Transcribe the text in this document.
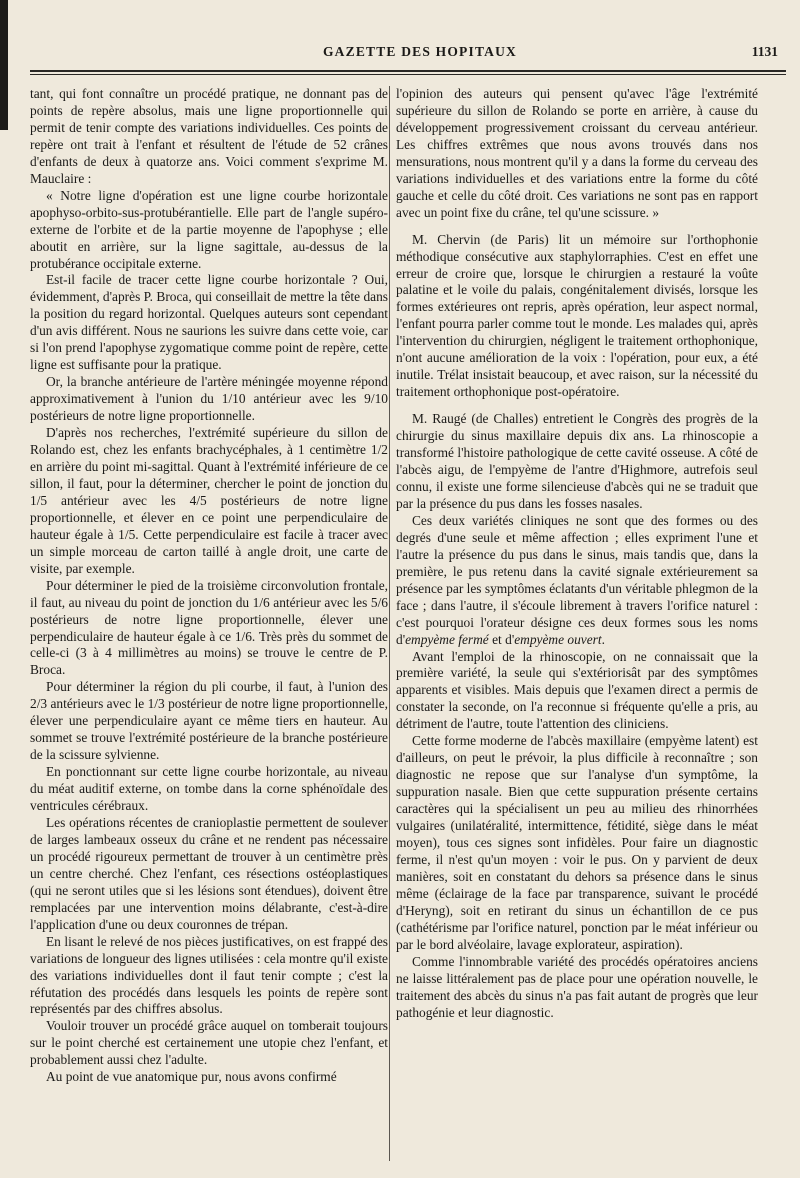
GAZETTE DES HOPITAUX	1131

tant, qui font connaître un procédé pratique, ne donnant pas de points de repère absolus, mais une ligne proportionnelle qui permit de tenir compte des variations individuelles. Ces points de repère ont trait à l'enfant et résultent de l'étude de 52 crânes d'enfants de deux à quatorze ans. Voici comment s'exprime M. Mauclaire :

« Notre ligne d'opération est une ligne courbe horizontale apophyso-orbito-sus-protubérantielle. Elle part de l'angle supéro-externe de l'orbite et de la partie moyenne de l'apophyse ; elle aboutit en arrière, sur la ligne sagittale, au-dessus de la protubérance occipitale externe.

Est-il facile de tracer cette ligne courbe horizontale ? Oui, évidemment, d'après P. Broca, qui conseillait de mettre la tête dans la position du regard horizontal. Quelques auteurs sont cependant d'un avis différent. Nous ne saurions les suivre dans cette voie, car si l'on prend l'apophyse zygomatique comme point de repère, cette ligne est suffisante pour la pratique.

Or, la branche antérieure de l'artère méningée moyenne répond approximativement à l'union du 1/10 antérieur avec les 9/10 postérieurs de notre ligne proportionnelle.

D'après nos recherches, l'extrémité supérieure du sillon de Rolando est, chez les enfants brachycéphales, à 1 centimètre 1/2 en arrière du point mi-sagittal. Quant à l'extrémité inférieure de ce sillon, il faut, pour la déterminer, chercher le point de jonction du 1/5 antérieur avec les 4/5 postérieurs de notre ligne proportionnelle, et élever en ce point une perpendiculaire de hauteur égale à 1/5. Cette perpendiculaire est facile à tracer avec un simple morceau de carton taillé à angle droit, une carte de visite, par exemple.

Pour déterminer le pied de la troisième circonvolution frontale, il faut, au niveau du point de jonction du 1/6 antérieur avec les 5/6 postérieurs de notre ligne proportionnelle, élever une perpendiculaire de hauteur égale à ce 1/6. Très près du sommet de celle-ci (3 à 4 millimètres au moins) se trouve le centre de P. Broca.

Pour déterminer la région du pli courbe, il faut, à l'union des 2/3 antérieurs avec le 1/3 postérieur de notre ligne proportionnelle, élever une perpendiculaire ayant ce même tiers en hauteur. Au sommet se trouve l'extrémité postérieure de la branche postérieure de la scissure sylvienne.

En ponctionnant sur cette ligne courbe horizontale, au niveau du méat auditif externe, on tombe dans la corne sphénoïdale des ventricules cérébraux.

Les opérations récentes de cranioplastie permettent de soulever de larges lambeaux osseux du crâne et ne rendent pas nécessaire un procédé rigoureux permettant de trouver à un centimètre près un centre cherché. Chez l'enfant, ces résections ostéoplastiques (qui ne seront utiles que si les lésions sont étendues), doivent être remplacées par une intervention moins délabrante, c'est-à-dire l'application d'une ou deux couronnes de trépan.

En lisant le relevé de nos pièces justificatives, on est frappé des variations de longueur des lignes utilisées : cela montre qu'il existe des variations individuelles dont il faut tenir compte ; c'est la réfutation des procédés dans lesquels les points de repère sont représentés par des chiffres absolus.

Vouloir trouver un procédé grâce auquel on tomberait toujours sur le point cherché est certainement une utopie chez l'enfant, et probablement aussi chez l'adulte.

Au point de vue anatomique pur, nous avons confirmé

l'opinion des auteurs qui pensent qu'avec l'âge l'extrémité supérieure du sillon de Rolando se porte en arrière, à cause du développement progressivement croissant du cerveau antérieur. Les chiffres extrêmes que nous avons trouvés dans nos mensurations, nous montrent qu'il y a dans la forme du cerveau des variations individuelles et des variations entre la forme du côté gauche et celle du côté droit. Ces variations ne sont pas en rapport avec un point fixe du crâne, tel qu'une scissure. »

M. Chervin (de Paris) lit un mémoire sur l'orthophonie méthodique consécutive aux staphylorraphies. C'est en effet une erreur de croire que, lorsque le chirurgien a restauré la voûte palatine et le voile du palais, congénitalement divisés, lorsque les formes extérieures ont repris, après opération, leur aspect normal, l'enfant pourra parler comme tout le monde. Les malades qui, après l'intervention du chirurgien, négligent le traitement orthophonique, n'ont aucune amélioration de la voix : l'opération, pour eux, a été inutile. Trélat insistait beaucoup, et avec raison, sur la nécessité du traitement orthophonique post-opératoire.

M. Raugé (de Challes) entretient le Congrès des progrès de la chirurgie du sinus maxillaire depuis dix ans. La rhinoscopie a transformé l'histoire pathologique de cette cavité osseuse. A côté de l'abcès aigu, de l'empyème de l'antre d'Highmore, autrefois seul connu, il existe une forme silencieuse d'abcès qui ne se traduit que par la présence du pus dans les fosses nasales.

Ces deux variétés cliniques ne sont que des formes ou des degrés d'une seule et même affection ; elles expriment l'une et l'autre la présence du pus dans le sinus, mais tandis que, dans la première, le pus retenu dans la cavité signale extérieurement sa présence par les symptômes éclatants d'un véritable phlegmon de la face ; dans l'autre, il s'écoule librement à travers l'orifice naturel : c'est pourquoi l'orateur désigne ces deux formes sous les noms d'empyème fermé et d'empyème ouvert.

Avant l'emploi de la rhinoscopie, on ne connaissait que la première variété, la seule qui s'extériorisât par des symptômes apparents et visibles. Mais depuis que l'examen direct a permis de constater la seconde, on l'a reconnue si fréquente qu'elle a pris, au détriment de l'autre, toute l'attention des cliniciens.

Cette forme moderne de l'abcès maxillaire (empyème latent) est d'ailleurs, on peut le prévoir, la plus difficile à reconnaître ; son diagnostic ne repose que sur l'analyse d'un symptôme, la suppuration nasale. Bien que cette suppuration présente certains caractères qui la spécialisent un peu au milieu des rhinorrhées vulgaires (unilatéralité, intermittence, fétidité, siège dans le méat moyen), tous ces signes sont infidèles. Pour faire un diagnostic ferme, il n'est qu'un moyen : voir le pus. On y parvient de deux manières, soit en constatant du dehors sa présence dans le sinus même (éclairage de la face par transparence, suivant le procédé d'Heryng), soit en retirant du sinus un échantillon de ce pus (cathétérisme par l'orifice naturel, ponction par le méat inférieur ou par le bord alvéolaire, lavage explorateur, aspiration).

Comme l'innombrable variété des procédés opératoires anciens ne laisse littéralement pas de place pour une opération nouvelle, le traitement des abcès du sinus n'a pas fait autant de progrès que leur pathogénie et leur diagnostic.
